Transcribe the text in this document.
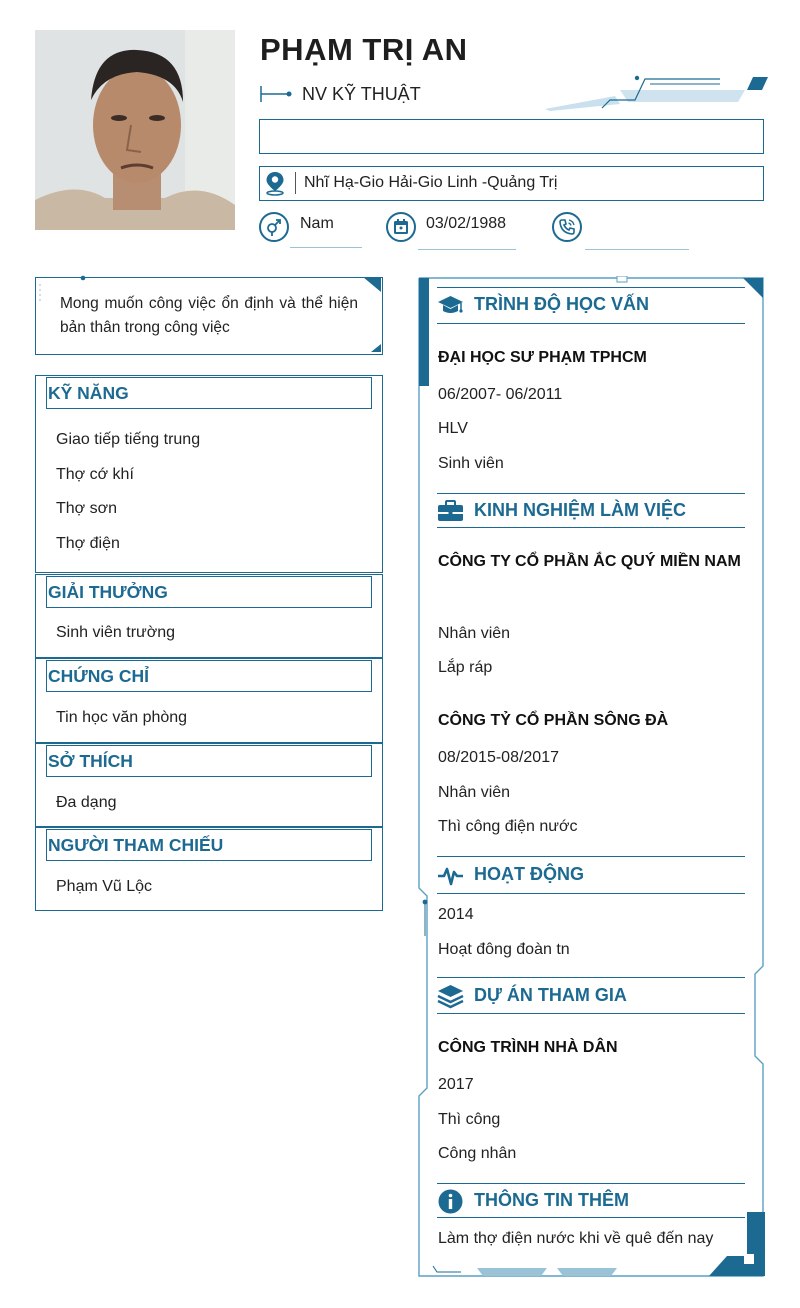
PHẠM TRỊ AN
NV KỸ THUẬT
Nhĩ Hạ-Gio Hải-Gio Linh -Quảng Trị
Nam	03/02/1988
Mong muốn công việc ổn định và thể hiện bản thân trong công việc
KỸ NĂNG
Giao tiếp tiếng trung
Thợ cớ khí
Thợ sơn
Thợ điện
GIẢI THƯỞNG
Sinh viên trường
CHỨNG CHỈ
Tin học văn phòng
SỞ THÍCH
Đa dạng
NGƯỜI THAM CHIẾU
Phạm Vũ Lộc
TRÌNH ĐỘ HỌC VẤN
ĐẠI HỌC SƯ PHẠM TPHCM
06/2007- 06/2011
HLV
Sinh viên
KINH NGHIỆM LÀM VIỆC
CÔNG TY CỔ PHẦN ẮC QUÝ MIỀN NAM
Nhân viên
Lắp ráp
CÔNG TỶ CỔ PHẦN SÔNG ĐÀ
08/2015-08/2017
Nhân viên
Thì công điện nước
HOẠT ĐỘNG
2014
Hoạt đông đoàn tn
DỰ ÁN THAM GIA
CÔNG TRÌNH NHÀ DÂN
2017
Thì công
Công nhân
THÔNG TIN THÊM
Làm thợ điện nước khi về quê đến nay
